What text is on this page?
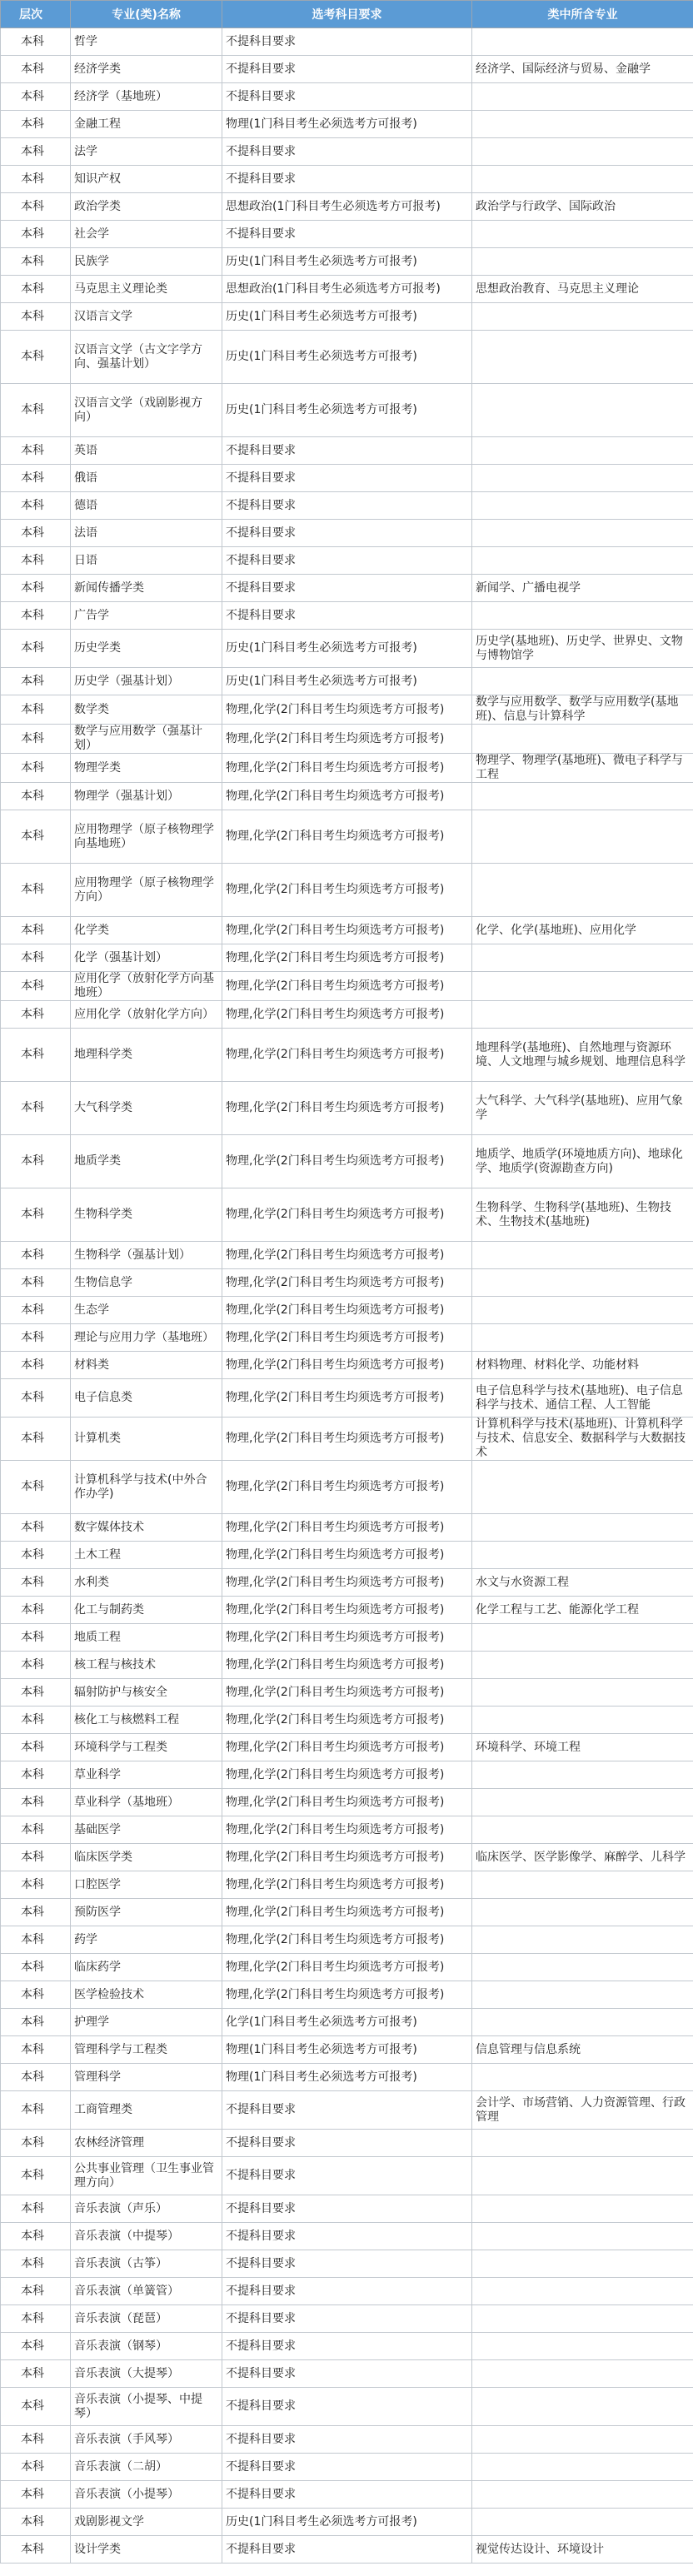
层次	专业(类)名称	选考科目要求	类中所含专业
本科	哲学	不提科目要求	
本科	经济学类	不提科目要求	经济学、国际经济与贸易、金融学
本科	经济学（基地班）	不提科目要求	
本科	金融工程	物理(1门科目考生必须选考方可报考)	
本科	法学	不提科目要求	
本科	知识产权	不提科目要求	
本科	政治学类	思想政治(1门科目考生必须选考方可报考)	政治学与行政学、国际政治
本科	社会学	不提科目要求	
本科	民族学	历史(1门科目考生必须选考方可报考)	
本科	马克思主义理论类	思想政治(1门科目考生必须选考方可报考)	思想政治教育、马克思主义理论
本科	汉语言文学	历史(1门科目考生必须选考方可报考)	
本科	汉语言文学（古文字学方向、强基计划）	历史(1门科目考生必须选考方可报考)	
本科	汉语言文学（戏剧影视方向）	历史(1门科目考生必须选考方可报考)	
本科	英语	不提科目要求	
本科	俄语	不提科目要求	
本科	德语	不提科目要求	
本科	法语	不提科目要求	
本科	日语	不提科目要求	
本科	新闻传播学类	不提科目要求	新闻学、广播电视学
本科	广告学	不提科目要求	
本科	历史学类	历史(1门科目考生必须选考方可报考)	历史学(基地班)、历史学、世界史、文物与博物馆学
本科	历史学（强基计划）	历史(1门科目考生必须选考方可报考)	
本科	数学类	物理,化学(2门科目考生均须选考方可报考)	数学与应用数学、数学与应用数学(基地班)、信息与计算科学
本科	数学与应用数学（强基计划）	物理,化学(2门科目考生均须选考方可报考)	
本科	物理学类	物理,化学(2门科目考生均须选考方可报考)	物理学、物理学(基地班)、微电子科学与工程
本科	物理学（强基计划）	物理,化学(2门科目考生均须选考方可报考)	
本科	应用物理学（原子核物理学向基地班）	物理,化学(2门科目考生均须选考方可报考)	
本科	应用物理学（原子核物理学方向）	物理,化学(2门科目考生均须选考方可报考)	
本科	化学类	物理,化学(2门科目考生均须选考方可报考)	化学、化学(基地班)、应用化学
本科	化学（强基计划）	物理,化学(2门科目考生均须选考方可报考)	
本科	应用化学（放射化学方向基地班）	物理,化学(2门科目考生均须选考方可报考)	
本科	应用化学（放射化学方向）	物理,化学(2门科目考生均须选考方可报考)	
本科	地理科学类	物理,化学(2门科目考生均须选考方可报考)	地理科学(基地班)、自然地理与资源环境、人文地理与城乡规划、地理信息科学
本科	大气科学类	物理,化学(2门科目考生均须选考方可报考)	大气科学、大气科学(基地班)、应用气象学
本科	地质学类	物理,化学(2门科目考生均须选考方可报考)	地质学、地质学(环境地质方向)、地球化学、地质学(资源勘查方向)
本科	生物科学类	物理,化学(2门科目考生均须选考方可报考)	生物科学、生物科学(基地班)、生物技术、生物技术(基地班)
本科	生物科学（强基计划）	物理,化学(2门科目考生均须选考方可报考)	
本科	生物信息学	物理,化学(2门科目考生均须选考方可报考)	
本科	生态学	物理,化学(2门科目考生均须选考方可报考)	
本科	理论与应用力学（基地班）	物理,化学(2门科目考生均须选考方可报考)	
本科	材料类	物理,化学(2门科目考生均须选考方可报考)	材料物理、材料化学、功能材料
本科	电子信息类	物理,化学(2门科目考生均须选考方可报考)	电子信息科学与技术(基地班)、电子信息科学与技术、通信工程、人工智能
本科	计算机类	物理,化学(2门科目考生均须选考方可报考)	计算机科学与技术(基地班)、计算机科学与技术、信息安全、数据科学与大数据技术
本科	计算机科学与技术(中外合作办学)	物理,化学(2门科目考生均须选考方可报考)	
本科	数字媒体技术	物理,化学(2门科目考生均须选考方可报考)	
本科	土木工程	物理,化学(2门科目考生均须选考方可报考)	
本科	水利类	物理,化学(2门科目考生均须选考方可报考)	水文与水资源工程
本科	化工与制药类	物理,化学(2门科目考生均须选考方可报考)	化学工程与工艺、能源化学工程
本科	地质工程	物理,化学(2门科目考生均须选考方可报考)	
本科	核工程与核技术	物理,化学(2门科目考生均须选考方可报考)	
本科	辐射防护与核安全	物理,化学(2门科目考生均须选考方可报考)	
本科	核化工与核燃料工程	物理,化学(2门科目考生均须选考方可报考)	
本科	环境科学与工程类	物理,化学(2门科目考生均须选考方可报考)	环境科学、环境工程
本科	草业科学	物理,化学(2门科目考生均须选考方可报考)	
本科	草业科学（基地班）	物理,化学(2门科目考生均须选考方可报考)	
本科	基础医学	物理,化学(2门科目考生均须选考方可报考)	
本科	临床医学类	物理,化学(2门科目考生均须选考方可报考)	临床医学、医学影像学、麻醉学、儿科学
本科	口腔医学	物理,化学(2门科目考生均须选考方可报考)	
本科	预防医学	物理,化学(2门科目考生均须选考方可报考)	
本科	药学	物理,化学(2门科目考生均须选考方可报考)	
本科	临床药学	物理,化学(2门科目考生均须选考方可报考)	
本科	医学检验技术	物理,化学(2门科目考生均须选考方可报考)	
本科	护理学	化学(1门科目考生必须选考方可报考)	
本科	管理科学与工程类	物理(1门科目考生必须选考方可报考)	信息管理与信息系统
本科	管理科学	物理(1门科目考生必须选考方可报考)	
本科	工商管理类	不提科目要求	会计学、市场营销、人力资源管理、行政管理
本科	农林经济管理	不提科目要求	
本科	公共事业管理（卫生事业管理方向）	不提科目要求	
本科	音乐表演（声乐）	不提科目要求	
本科	音乐表演（中提琴）	不提科目要求	
本科	音乐表演（古筝）	不提科目要求	
本科	音乐表演（单簧管）	不提科目要求	
本科	音乐表演（琵琶）	不提科目要求	
本科	音乐表演（钢琴）	不提科目要求	
本科	音乐表演（大提琴）	不提科目要求	
本科	音乐表演（小提琴、中提琴）	不提科目要求	
本科	音乐表演（手风琴）	不提科目要求	
本科	音乐表演（二胡）	不提科目要求	
本科	音乐表演（小提琴）	不提科目要求	
本科	戏剧影视文学	历史(1门科目考生必须选考方可报考)	
本科	设计学类	不提科目要求	视觉传达设计、环境设计
